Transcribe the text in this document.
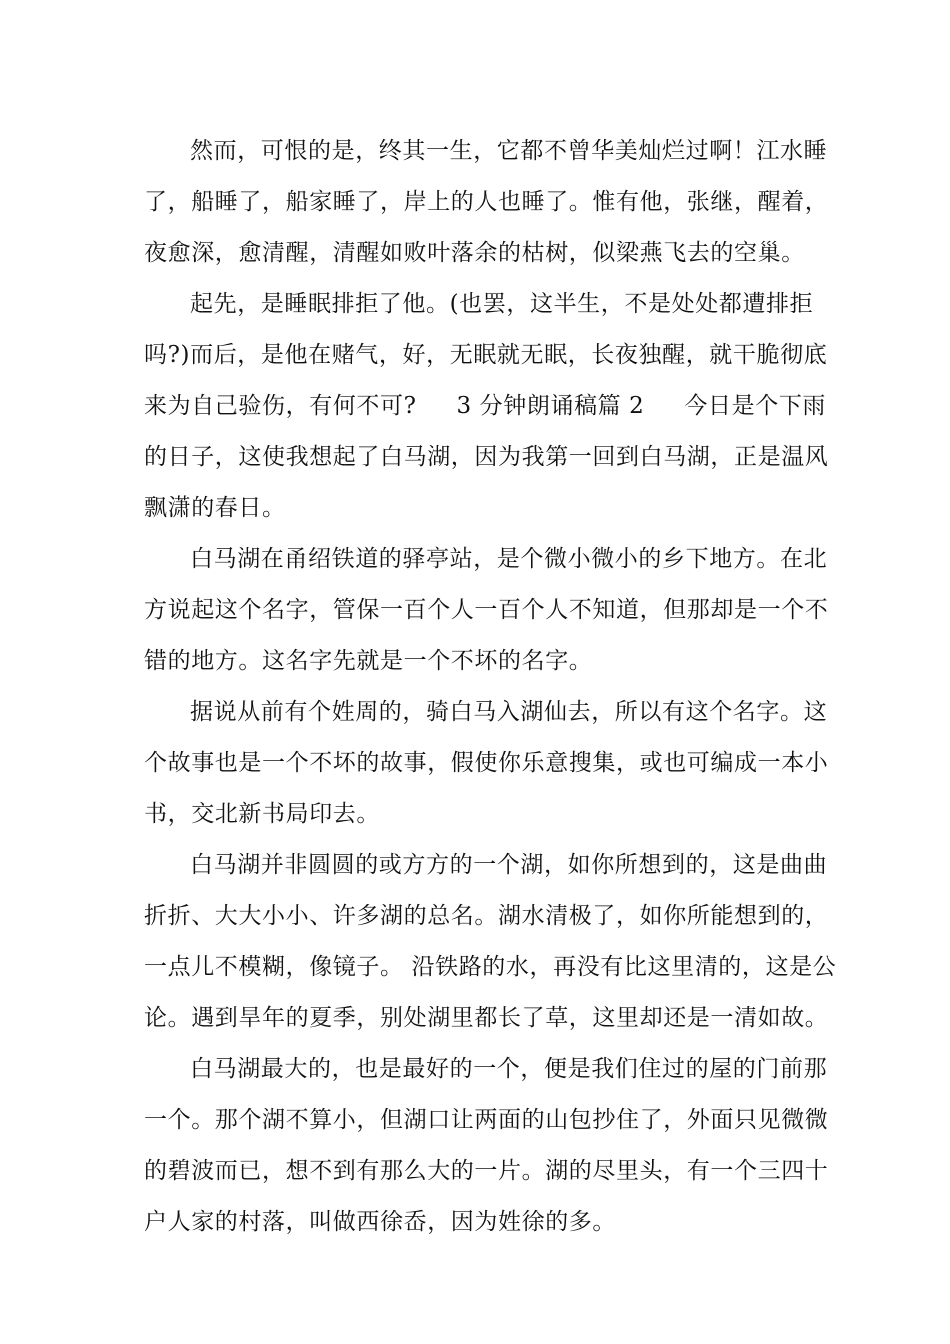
然而，可恨的是，终其一生，它都不曾华美灿烂过啊！江水睡
了，船睡了，船家睡了，岸上的人也睡了。惟有他，张继，醒着，
夜愈深，愈清醒，清醒如败叶落余的枯树，似梁燕飞去的空巢。

起先，是睡眠排拒了他。(也罢，这半生，不是处处都遭排拒
吗?)而后，是他在赌气，好，无眠就无眠，长夜独醒，就干脆彻底
来为自己验伤，有何不可? 3 分钟朗诵稿篇 2 今日是个下雨
的日子，这使我想起了白马湖，因为我第一回到白马湖，正是温风
飘潇的春日。

白马湖在甬绍铁道的驿亭站，是个微小微小的乡下地方。在北
方说起这个名字，管保一百个人一百个人不知道，但那却是一个不
错的地方。这名字先就是一个不坏的名字。

据说从前有个姓周的，骑白马入湖仙去，所以有这个名字。这
个故事也是一个不坏的故事，假使你乐意搜集，或也可编成一本小
书，交北新书局印去。

白马湖并非圆圆的或方方的一个湖，如你所想到的，这是曲曲
折折、大大小小、许多湖的总名。湖水清极了，如你所能想到的，
一点儿不模糊，像镜子。 沿铁路的水，再没有比这里清的，这是公
论。遇到旱年的夏季，别处湖里都长了草，这里却还是一清如故。

白马湖最大的，也是最好的一个，便是我们住过的屋的门前那
一个。那个湖不算小，但湖口让两面的山包抄住了，外面只见微微
的碧波而已，想不到有那么大的一片。湖的尽里头，有一个三四十
户人家的村落，叫做西徐岙，因为姓徐的多。
